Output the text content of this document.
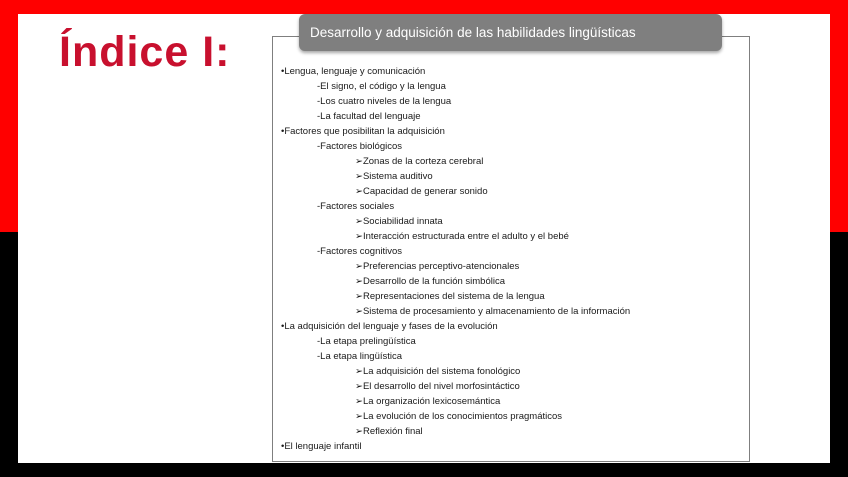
Índice I:	Desarrollo y adquisición de las habilidades lingüísticas
•Lengua, lenguaje y comunicación
-El signo, el código y la lengua
-Los cuatro niveles de la lengua
-La facultad del lenguaje
•Factores que posibilitan la adquisición
-Factores biológicos
➢Zonas de la corteza cerebral
➢Sistema auditivo
➢Capacidad de generar sonido
-Factores sociales
➢Sociabilidad innata
➢Interacción estructurada entre el adulto y el bebé
-Factores cognitivos
➢Preferencias perceptivo-atencionales
➢Desarrollo de la función simbólica
➢Representaciones del sistema de la lengua
➢Sistema de procesamiento y almacenamiento de la información
•La adquisición del lenguaje y fases de la evolución
-La etapa prelingüística
-La etapa lingüística
➢La adquisición del sistema fonológico
➢El desarrollo del nivel morfosintáctico
➢La organización lexicosemántica
➢La evolución de los conocimientos pragmáticos
➢Reflexión final
•El lenguaje infantil
